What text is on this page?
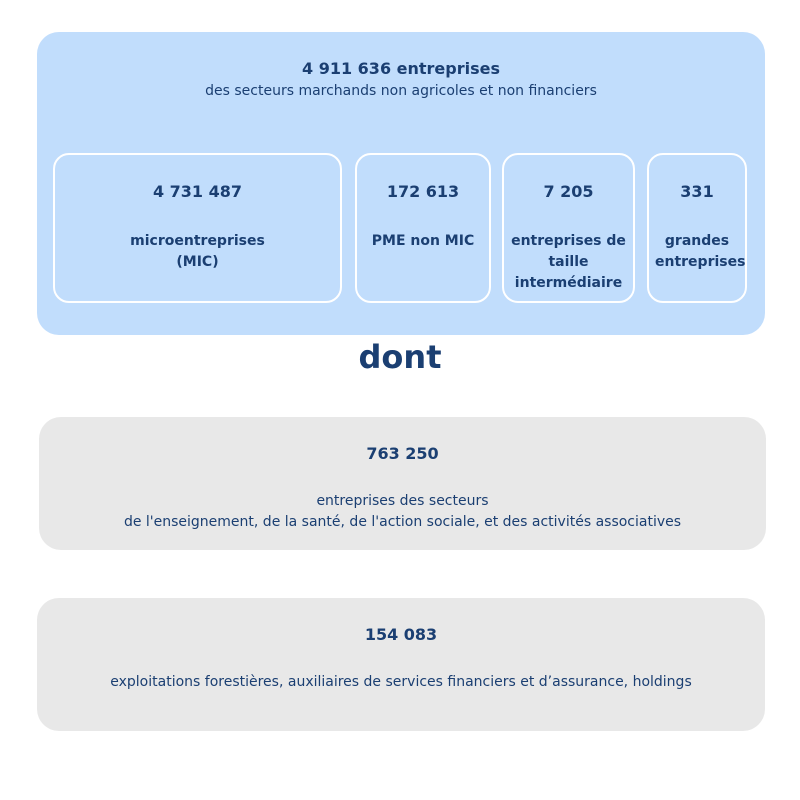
4 911 636 entreprises
des secteurs marchands non agricoles et non financiers
4 731 487
microentreprises
(MIC)
172 613
PME non MIC
7 205
entreprises de
taille
intermédiaire
331
grandes
entreprises
dont
763 250
entreprises des secteurs
de l'enseignement, de la santé, de l'action sociale, et des activités associatives
154 083
exploitations forestières, auxiliaires de services financiers et d’assurance, holdings
